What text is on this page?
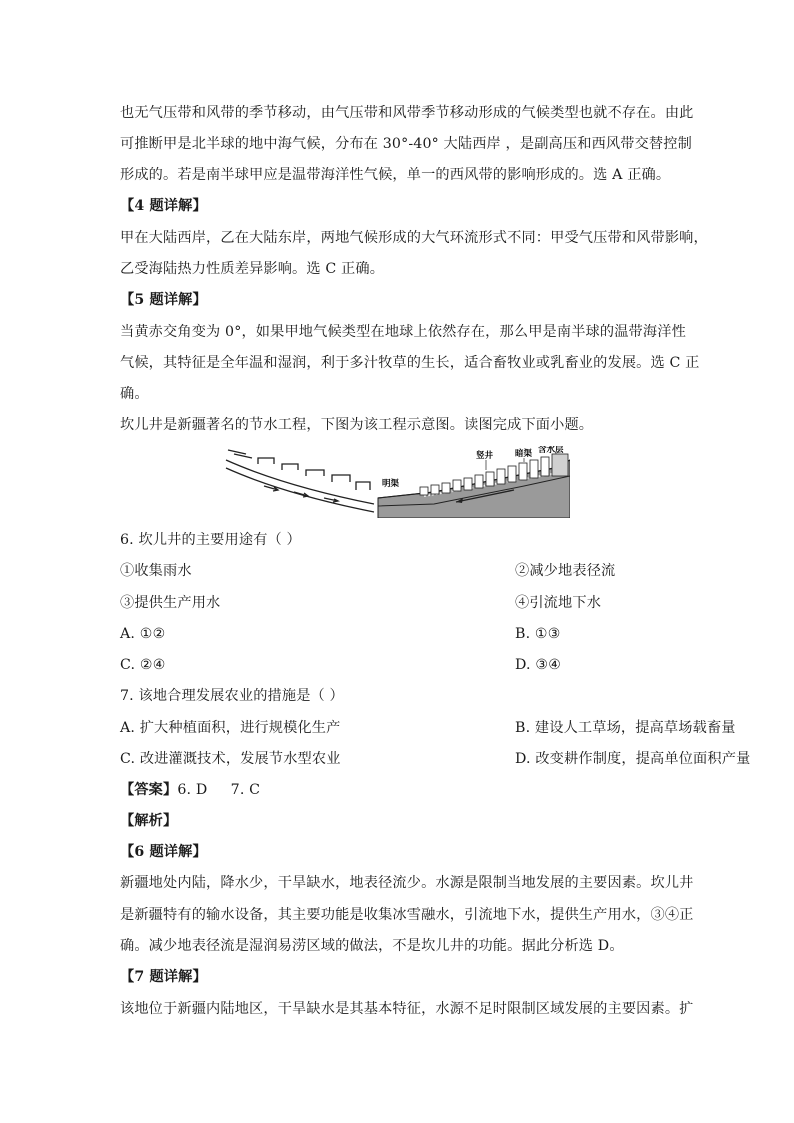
也无气压带和风带的季节移动，由气压带和风带季节移动形成的气候类型也就不存在。由此
可推断甲是北半球的地中海气候，分布在 30°-40° 大陆西岸 ，是副高压和西风带交替控制
形成的。若是南半球甲应是温带海洋性气候，单一的西风带的影响形成的。选 A 正确。
【4 题详解】
甲在大陆西岸，乙在大陆东岸，两地气候形成的大气环流形式不同：甲受气压带和风带影响，
乙受海陆热力性质差异影响。选 C 正确。
【5 题详解】
当黄赤交角变为 0°，如果甲地气候类型在地球上依然存在，那么甲是南半球的温带海洋性
气候，其特征是全年温和湿润，利于多汁牧草的生长，适合畜牧业或乳畜业的发展。选 C 正
确。
坎儿井是新疆著名的节水工程，下图为该工程示意图。读图完成下面小题。
明渠
竖井	暗渠 含水层
6. 坎儿井的主要用途有（ ）
①收集雨水	②减少地表径流
③提供生产用水	④引流地下水
A. ①②	B. ①③
C. ②④	D. ③④
7. 该地合理发展农业的措施是（ ）
A. 扩大种植面积，进行规模化生产	B. 建设人工草场，提高草场载畜量
C. 改进灌溉技术，发展节水型农业	D. 改变耕作制度，提高单位面积产量
【答案】6. D     7. C
【解析】
【6 题详解】
新疆地处内陆，降水少，干旱缺水，地表径流少。水源是限制当地发展的主要因素。坎儿井
是新疆特有的输水设备，其主要功能是收集冰雪融水，引流地下水，提供生产用水，③④正
确。减少地表径流是湿润易涝区域的做法，不是坎儿井的功能。据此分析选 D。
【7 题详解】
该地位于新疆内陆地区，干旱缺水是其基本特征，水源不足时限制区域发展的主要因素。扩
